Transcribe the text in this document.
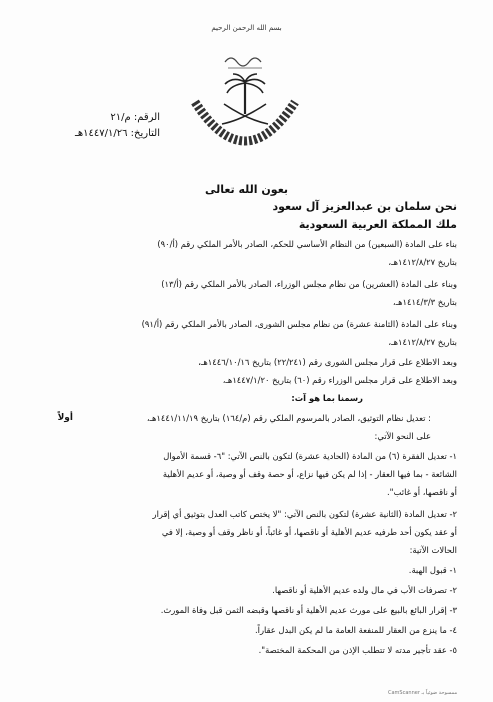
بسم الله الرحمن الرحيم
الرقم: م/٢١
التاريخ: ١٤٤٧/١/٢٦هـ
بعون الله تعالى
نحن سلمان بن عبدالعزيز آل سعود
ملك المملكة العربية السعودية
بناء على المادة (السبعين) من النظام الأساسي للحكم، الصادر بالأمر الملكي رقم (أ/٩٠)
بتاريخ ١٤١٢/٨/٢٧هـ،
وبناء على المادة (العشرين) من نظام مجلس الوزراء، الصادر بالأمر الملكي رقم (أ/١٣)
بتاريخ ١٤١٤/٣/٣هـ،
وبناء على المادة (الثامنة عشرة) من نظام مجلس الشورى، الصادر بالأمر الملكي رقم (أ/٩١)
بتاريخ ١٤١٢/٨/٢٧هـ،
وبعد الاطلاع على قرار مجلس الشورى رقم (٢٢/٢٤١) بتاريخ ١٤٤٦/١٠/١٦هـ،
وبعد الاطلاع على قرار مجلس الوزراء رقم (٦٠) بتاريخ ١٤٤٧/١/٢٠هـ،
رسمنا بما هو آت:
أولاً	: تعديل نظام التوثيق، الصادر بالمرسوم الملكي رقم (م/١٦٤) بتاريخ ١٤٤١/١١/١٩هـ،
على النحو الآتي:
١- تعديل الفقرة (٦) من المادة (الحادية عشرة) لتكون بالنص الآتي: "٦- قسمة الأموال
الشائعة - بما فيها العقار - إذا لم يكن فيها نزاع، أو حصة وقف أو وصية، أو عديم الأهلية
أو ناقصها، أو غائب".
٢- تعديل المادة (الثانية عشرة) لتكون بالنص الآتي: "لا يختص كاتب العدل بتوثيق أي إقرار
أو عقد يكون أحد طرفيه عديم الأهلية أو ناقصها، أو غائباً، أو ناظر وقف أو وصية، إلا في
الحالات الآتية:
١- قبول الهبة.
٢- تصرفات الأب في مال ولده عديم الأهلية أو ناقصها.
٣- إقرار البائع بالبيع على مورث عديم الأهلية أو ناقصها وقبضه الثمن قبل وفاة المورث.
٤- ما ينزع من العقار للمنفعة العامة ما لم يكن البدل عقاراً.
٥- عقد تأجير مدته لا تتطلب الإذن من المحكمة المختصة".
CamScanner ممسوحة ضوئياً بـ
